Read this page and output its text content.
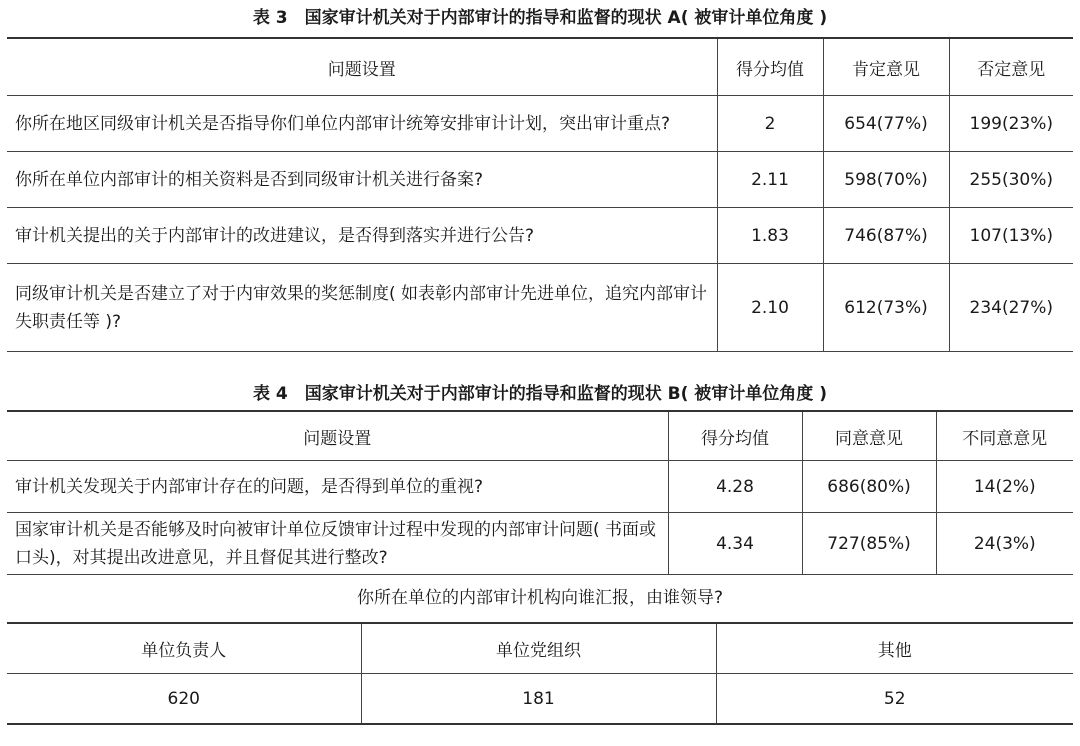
表 3　国家审计机关对于内部审计的指导和监督的现状 A( 被审计单位角度 )
问题设置	得分均值	肯定意见	否定意见
你所在地区同级审计机关是否指导你们单位内部审计统筹安排审计计划，突出审计重点?	2	654(77%)	199(23%)
你所在单位内部审计的相关资料是否到同级审计机关进行备案?	2.11	598(70%)	255(30%)
审计机关提出的关于内部审计的改进建议，是否得到落实并进行公告?	1.83	746(87%)	107(13%)
同级审计机关是否建立了对于内审效果的奖惩制度( 如表彰内部审计先进单位，追究内部审计失职责任等 )?	2.10	612(73%)	234(27%)
表 4　国家审计机关对于内部审计的指导和监督的现状 B( 被审计单位角度 )
问题设置	得分均值	同意意见	不同意意见
审计机关发现关于内部审计存在的问题，是否得到单位的重视?	4.28	686(80%)	14(2%)
国家审计机关是否能够及时向被审计单位反馈审计过程中发现的内部审计问题( 书面或口头)，对其提出改进意见，并且督促其进行整改?	4.34	727(85%)	24(3%)
你所在单位的内部审计机构向谁汇报，由谁领导?
单位负责人	单位党组织	其他
620	181	52
